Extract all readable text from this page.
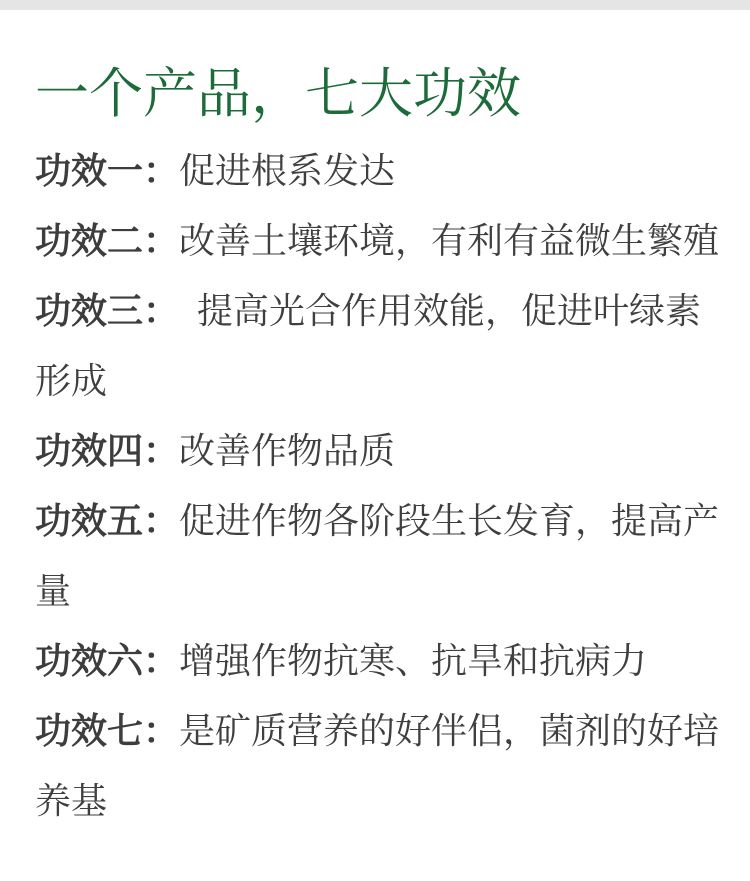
一个产品，七大功效

功效一：促进根系发达

功效二：改善土壤环境，有利有益微生繁殖

功效三：　提高光合作用效能，促进叶绿素形成

功效四：改善作物品质

功效五：促进作物各阶段生长发育，提高产量

功效六：增强作物抗寒、抗旱和抗病力

功效七：是矿质营养的好伴侣，菌剂的好培养基
